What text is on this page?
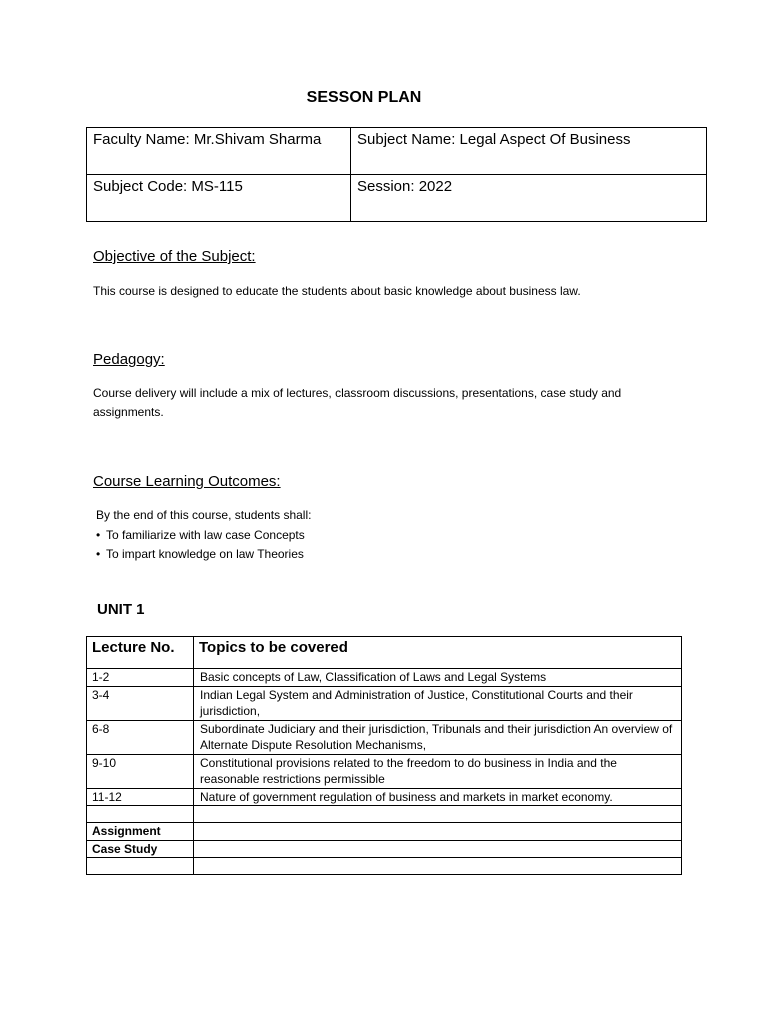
SESSON PLAN
Faculty Name: Mr.Shivam Sharma	Subject Name: Legal Aspect Of Business
Subject Code: MS-115	Session: 2022
Objective of the Subject:
This course is designed to educate the students about basic knowledge about business law.
Pedagogy:
Course delivery will include a mix of lectures, classroom discussions, presentations, case study and assignments.
Course Learning Outcomes:
By the end of this course, students shall:
• To familiarize with law case Concepts
• To impart knowledge on law Theories
UNIT 1
Lecture No.	Topics to be covered
1-2	Basic concepts of Law, Classification of Laws and Legal Systems
3-4	Indian Legal System and Administration of Justice, Constitutional Courts and their jurisdiction,
6-8	Subordinate Judiciary and their jurisdiction, Tribunals and their jurisdiction An overview of Alternate Dispute Resolution Mechanisms,
9-10	Constitutional provisions related to the freedom to do business in India and the reasonable restrictions permissible
11-12	Nature of government regulation of business and markets in market economy.

Assignment	
Case Study	
